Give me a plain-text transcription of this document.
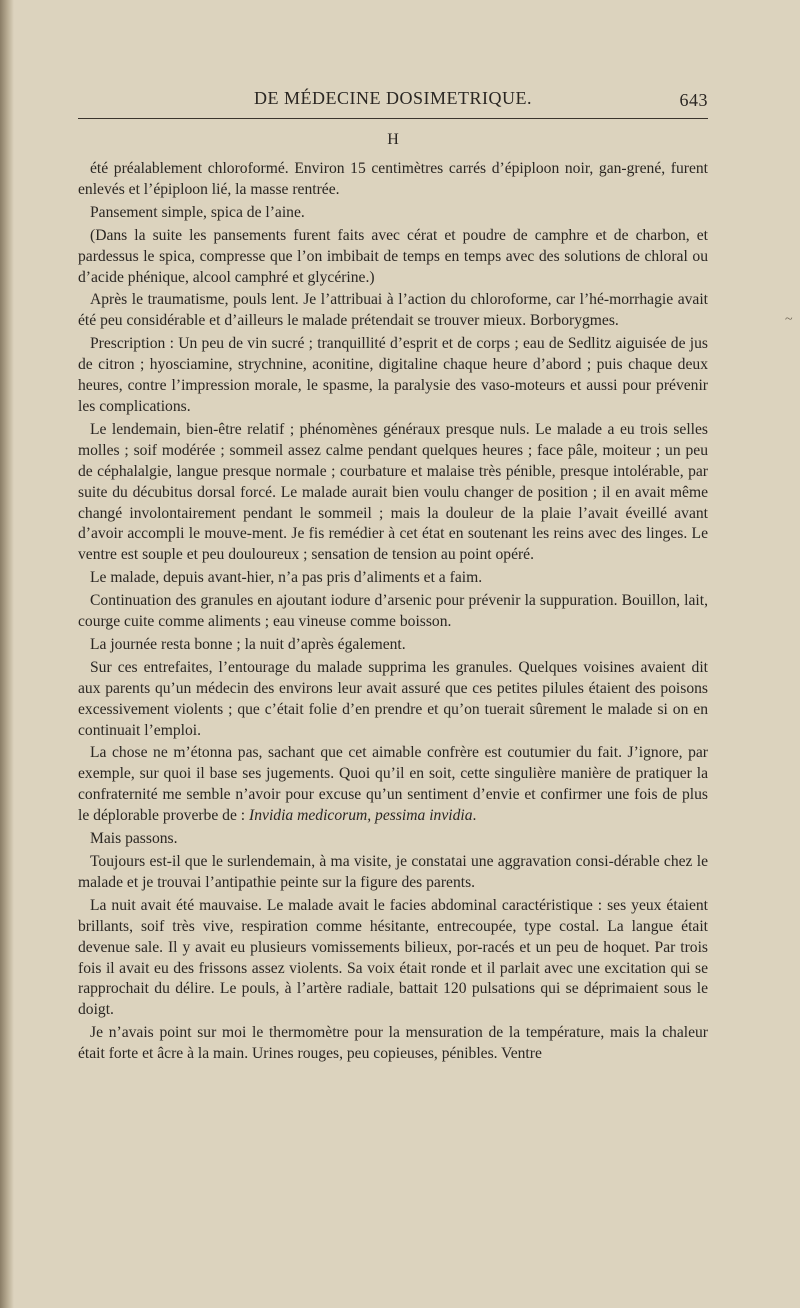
DE MÉDECINE DOSIMETRIQUE.	643
H

été préalablement chloroformé. Environ 15 centimètres carrés d’épiploon noir, gan-grené, furent enlevés et l’épiploon lié, la masse rentrée.

Pansement simple, spica de l’aine.

(Dans la suite les pansements furent faits avec cérat et poudre de camphre et de charbon, et pardessus le spica, compresse que l’on imbibait de temps en temps avec des solutions de chloral ou d’acide phénique, alcool camphré et glycérine.)

Après le traumatisme, pouls lent. Je l’attribuai à l’action du chloroforme, car l’hé-morrhagie avait été peu considérable et d’ailleurs le malade prétendait se trouver mieux. Borborygmes.

Prescription : Un peu de vin sucré ; tranquillité d’esprit et de corps ; eau de Sedlitz aiguisée de jus de citron ; hyosciamine, strychnine, aconitine, digitaline chaque heure d’abord ; puis chaque deux heures, contre l’impression morale, le spasme, la paralysie des vaso-moteurs et aussi pour prévenir les complications.

Le lendemain, bien-être relatif ; phénomènes généraux presque nuls. Le malade a eu trois selles molles ; soif modérée ; sommeil assez calme pendant quelques heures ; face pâle, moiteur ; un peu de céphalalgie, langue presque normale ; courbature et malaise très pénible, presque intolérable, par suite du décubitus dorsal forcé. Le malade aurait bien voulu changer de position ; il en avait même changé involontairement pendant le sommeil ; mais la douleur de la plaie l’avait éveillé avant d’avoir accompli le mouve-ment. Je fis remédier à cet état en soutenant les reins avec des linges. Le ventre est souple et peu douloureux ; sensation de tension au point opéré.

Le malade, depuis avant-hier, n’a pas pris d’aliments et a faim.

Continuation des granules en ajoutant iodure d’arsenic pour prévenir la suppuration. Bouillon, lait, courge cuite comme aliments ; eau vineuse comme boisson.

La journée resta bonne ; la nuit d’après également.

Sur ces entrefaites, l’entourage du malade supprima les granules. Quelques voisines avaient dit aux parents qu’un médecin des environs leur avait assuré que ces petites pilules étaient des poisons excessivement violents ; que c’était folie d’en prendre et qu’on tuerait sûrement le malade si on en continuait l’emploi.

La chose ne m’étonna pas, sachant que cet aimable confrère est coutumier du fait. J’ignore, par exemple, sur quoi il base ses jugements. Quoi qu’il en soit, cette singulière manière de pratiquer la confraternité me semble n’avoir pour excuse qu’un sentiment d’envie et confirmer une fois de plus le déplorable proverbe de : Invidia medicorum, pessima invidia.

Mais passons.

Toujours est-il que le surlendemain, à ma visite, je constatai une aggravation consi-dérable chez le malade et je trouvai l’antipathie peinte sur la figure des parents.

La nuit avait été mauvaise. Le malade avait le facies abdominal caractéristique : ses yeux étaient brillants, soif très vive, respiration comme hésitante, entrecoupée, type costal. La langue était devenue sale. Il y avait eu plusieurs vomissements bilieux, por-racés et un peu de hoquet. Par trois fois il avait eu des frissons assez violents. Sa voix était ronde et il parlait avec une excitation qui se rapprochait du délire. Le pouls, à l’artère radiale, battait 120 pulsations qui se déprimaient sous le doigt.

Je n’avais point sur moi le thermomètre pour la mensuration de la température, mais la chaleur était forte et âcre à la main. Urines rouges, peu copieuses, pénibles. Ventre

~
